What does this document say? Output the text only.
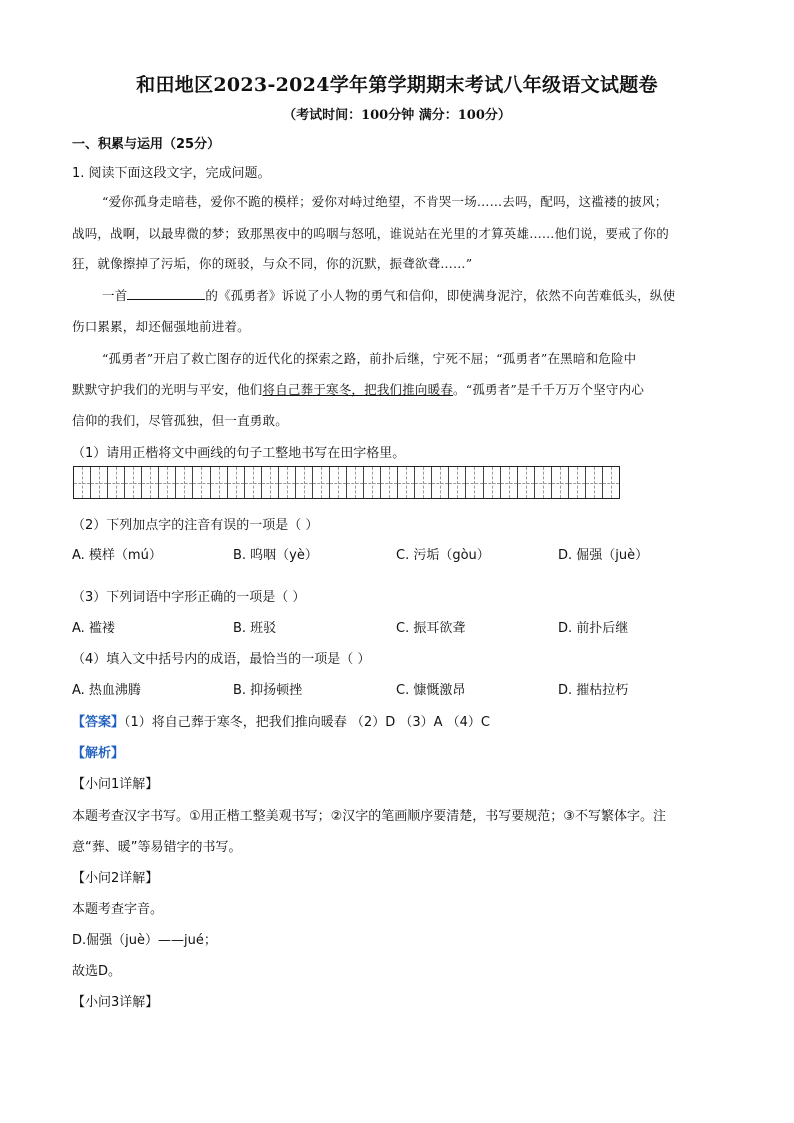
和田地区2023-2024学年第学期期末考试八年级语文试题卷
（考试时间：100分钟 满分：100分）
一、积累与运用（25分）
1. 阅读下面这段文字，完成问题。
“爱你孤身走暗巷，爱你不跪的模样；爱你对峙过绝望，不肯哭一场……去吗，配吗，这褴褛的披风；
战吗，战啊，以最卑微的梦；致那黑夜中的呜咽与怒吼，谁说站在光里的才算英雄……他们说，要戒了你的
狂，就像擦掉了污垢，你的斑驳，与众不同，你的沉默，振聋欲聋……”
一首	的《孤勇者》诉说了小人物的勇气和信仰，即使满身泥泞，依然不向苦难低头，纵使
伤口累累，却还倔强地前进着。
“孤勇者”开启了救亡图存的近代化的探索之路，前扑后继，宁死不屈；“孤勇者”在黑暗和危险中
默默守护我们的光明与平安，他们将自己葬于寒冬，把我们推向暖春。“孤勇者”是千千万万个坚守内心
信仰的我们，尽管孤独，但一直勇敢。
（1）请用正楷将文中画线的句子工整地书写在田字格里。
（2）下列加点字的注音有误的一项是（ ）
A. 模样（mú）	B. 呜咽（yè）	C. 污垢（gòu）	D. 倔强（juè）
（3）下列词语中字形正确的一项是（ ）
A. 褴褛	B. 班驳	C. 振耳欲聋	D. 前扑后继
（4）填入文中括号内的成语，最恰当的一项是（ ）
A. 热血沸腾	B. 抑扬顿挫	C. 慷慨激昂	D. 摧枯拉朽
【答案】（1）将自己葬于寒冬，把我们推向暖春 （2）D （3）A （4）C
【解析】
【小问1详解】
本题考查汉字书写。①用正楷工整美观书写；②汉字的笔画顺序要清楚，书写要规范；③不写繁体字。注
意“葬、暖”等易错字的书写。
【小问2详解】
本题考查字音。
D.倔强（juè）——jué；
故选D。
【小问3详解】
